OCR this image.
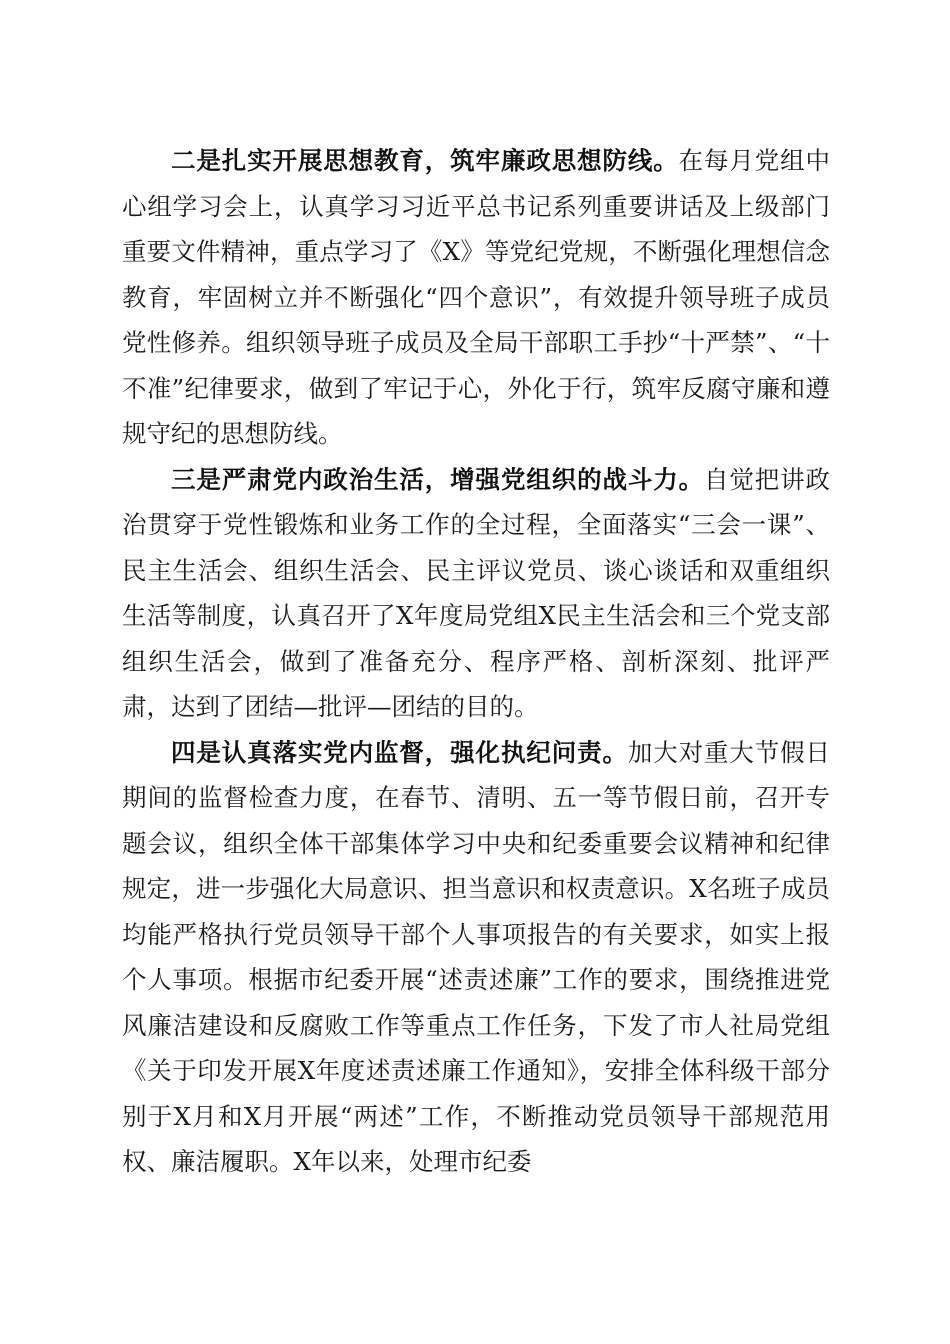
二是扎实开展思想教育，筑牢廉政思想防线。在每月党组中心组学习会上，认真学习习近平总书记系列重要讲话及上级部门重要文件精神，重点学习了《X》等党纪党规，不断强化理想信念教育，牢固树立并不断强化“四个意识”，有效提升领导班子成员党性修养。组织领导班子成员及全局干部职工手抄“十严禁”、“十不准”纪律要求，做到了牢记于心，外化于行，筑牢反腐守廉和遵规守纪的思想防线。

三是严肃党内政治生活，增强党组织的战斗力。自觉把讲政治贯穿于党性锻炼和业务工作的全过程，全面落实“三会一课”、民主生活会、组织生活会、民主评议党员、谈心谈话和双重组织生活等制度，认真召开了X年度局党组X民主生活会和三个党支部组织生活会，做到了准备充分、程序严格、剖析深刻、批评严肃，达到了团结—批评—团结的目的。

四是认真落实党内监督，强化执纪问责。加大对重大节假日期间的监督检查力度，在春节、清明、五一等节假日前，召开专题会议，组织全体干部集体学习中央和纪委重要会议精神和纪律规定，进一步强化大局意识、担当意识和权责意识。X名班子成员均能严格执行党员领导干部个人事项报告的有关要求，如实上报个人事项。根据市纪委开展“述责述廉”工作的要求，围绕推进党风廉洁建设和反腐败工作等重点工作任务，下发了市人社局党组《关于印发开展X年度述责述廉工作通知》，安排全体科级干部分别于X月和X月开展“两述”工作，不断推动党员领导干部规范用权、廉洁履职。X年以来，处理市纪委
